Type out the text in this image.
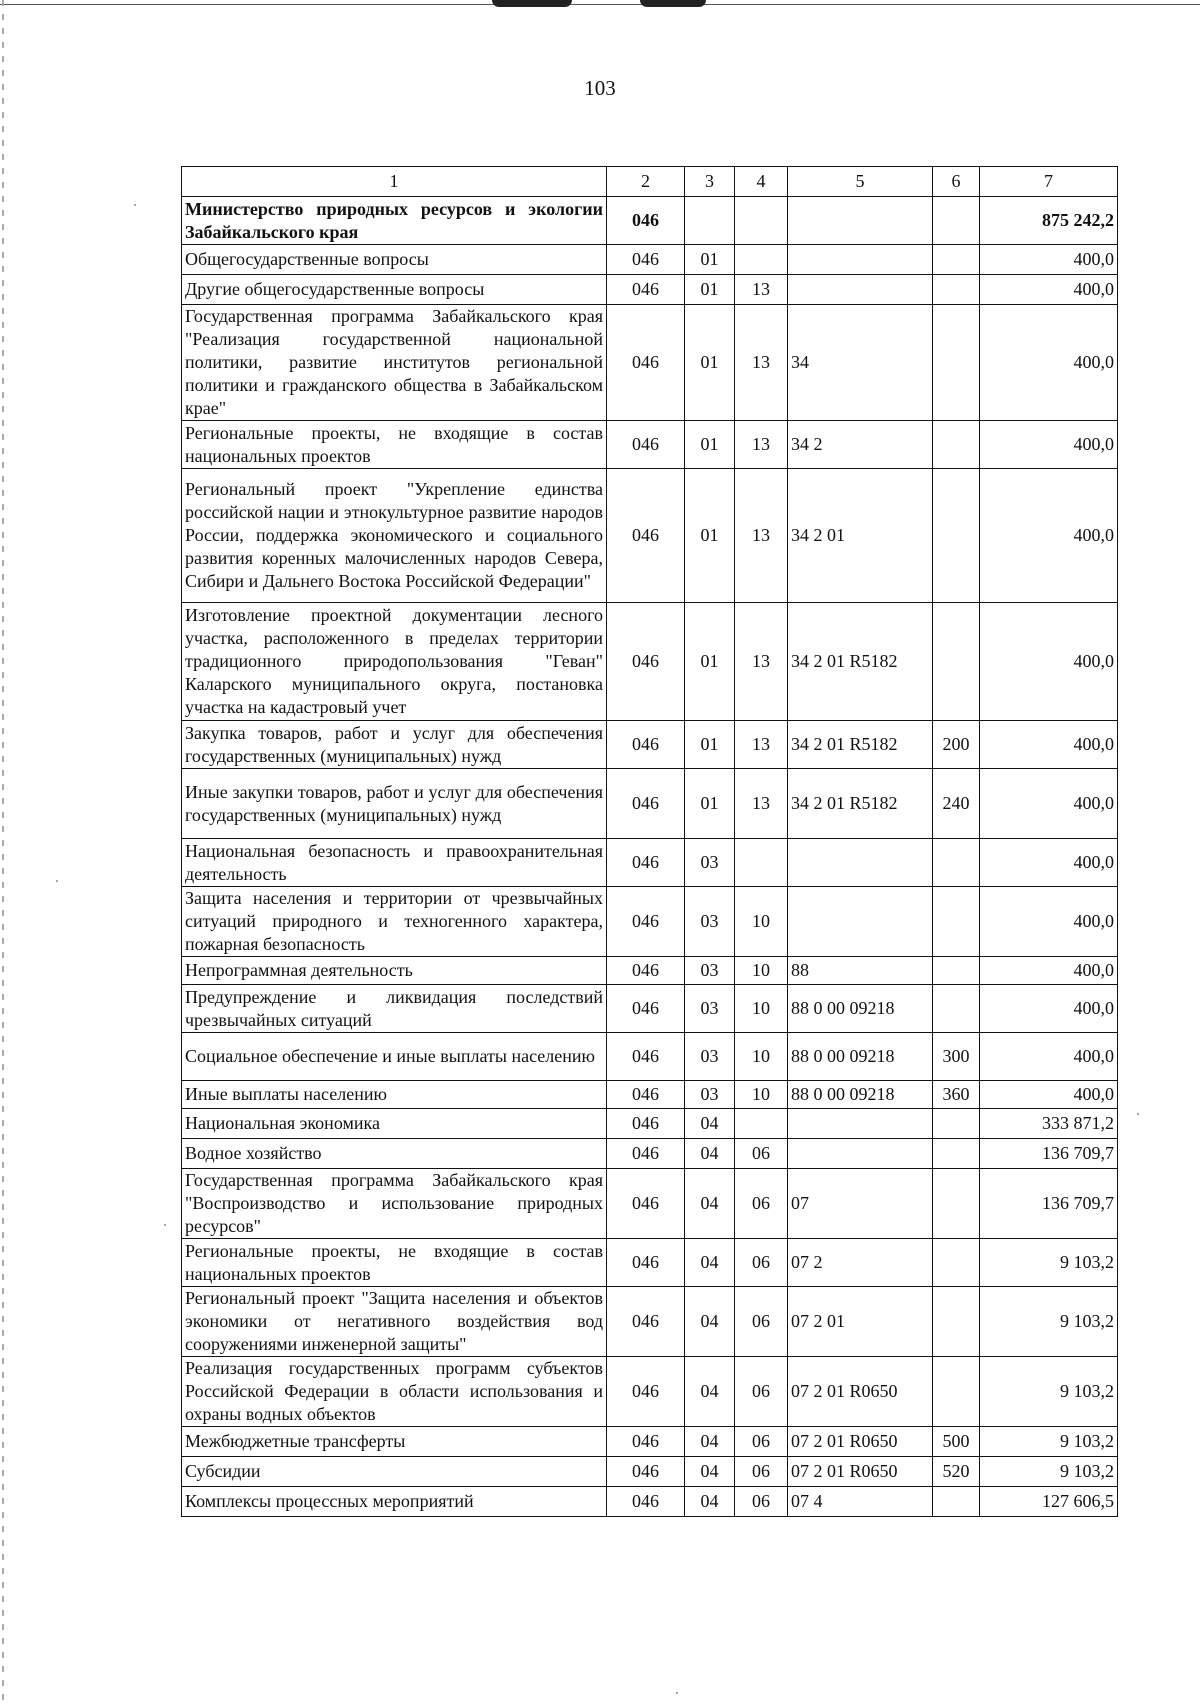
103
1	2	3	4	5	6	7
Министерство природных ресурсов и экологии Забайкальского края	046					875 242,2
Общегосударственные вопросы	046	01				400,0
Другие общегосударственные вопросы	046	01	13			400,0
Государственная программа Забайкальского края "Реализация государственной национальной политики, развитие институтов региональной политики и гражданского общества в Забайкальском крае"	046	01	13	34		400,0
Региональные проекты, не входящие в состав национальных проектов	046	01	13	34 2		400,0
Региональный проект "Укрепление единства российской нации и этнокультурное развитие народов России, поддержка экономического и социального развития коренных малочисленных народов Севера, Сибири и Дальнего Востока Российской Федерации"	046	01	13	34 2 01		400,0
Изготовление проектной документации лесного участка, расположенного в пределах территории традиционного природопользования "Геван" Каларского муниципального округа, постановка участка на кадастровый учет	046	01	13	34 2 01 R5182		400,0
Закупка товаров, работ и услуг для обеспечения государственных (муниципальных) нужд	046	01	13	34 2 01 R5182	200	400,0
Иные закупки товаров, работ и услуг для обеспечения государственных (муниципальных) нужд	046	01	13	34 2 01 R5182	240	400,0
Национальная безопасность и правоохранительная деятельность	046	03				400,0
Защита населения и территории от чрезвычайных ситуаций природного и техногенного характера, пожарная безопасность	046	03	10			400,0
Непрограммная деятельность	046	03	10	88		400,0
Предупреждение и ликвидация последствий чрезвычайных ситуаций	046	03	10	88 0 00 09218		400,0
Социальное обеспечение и иные выплаты населению	046	03	10	88 0 00 09218	300	400,0
Иные выплаты населению	046	03	10	88 0 00 09218	360	400,0
Национальная экономика	046	04				333 871,2
Водное хозяйство	046	04	06			136 709,7
Государственная программа Забайкальского края "Воспроизводство и использование природных ресурсов"	046	04	06	07		136 709,7
Региональные проекты, не входящие в состав национальных проектов	046	04	06	07 2		9 103,2
Региональный проект "Защита населения и объектов экономики от негативного воздействия вод сооружениями инженерной защиты"	046	04	06	07 2 01		9 103,2
Реализация государственных программ субъектов Российской Федерации в области использования и охраны водных объектов	046	04	06	07 2 01 R0650		9 103,2
Межбюджетные трансферты	046	04	06	07 2 01 R0650	500	9 103,2
Субсидии	046	04	06	07 2 01 R0650	520	9 103,2
Комплексы процессных мероприятий	046	04	06	07 4		127 606,5
